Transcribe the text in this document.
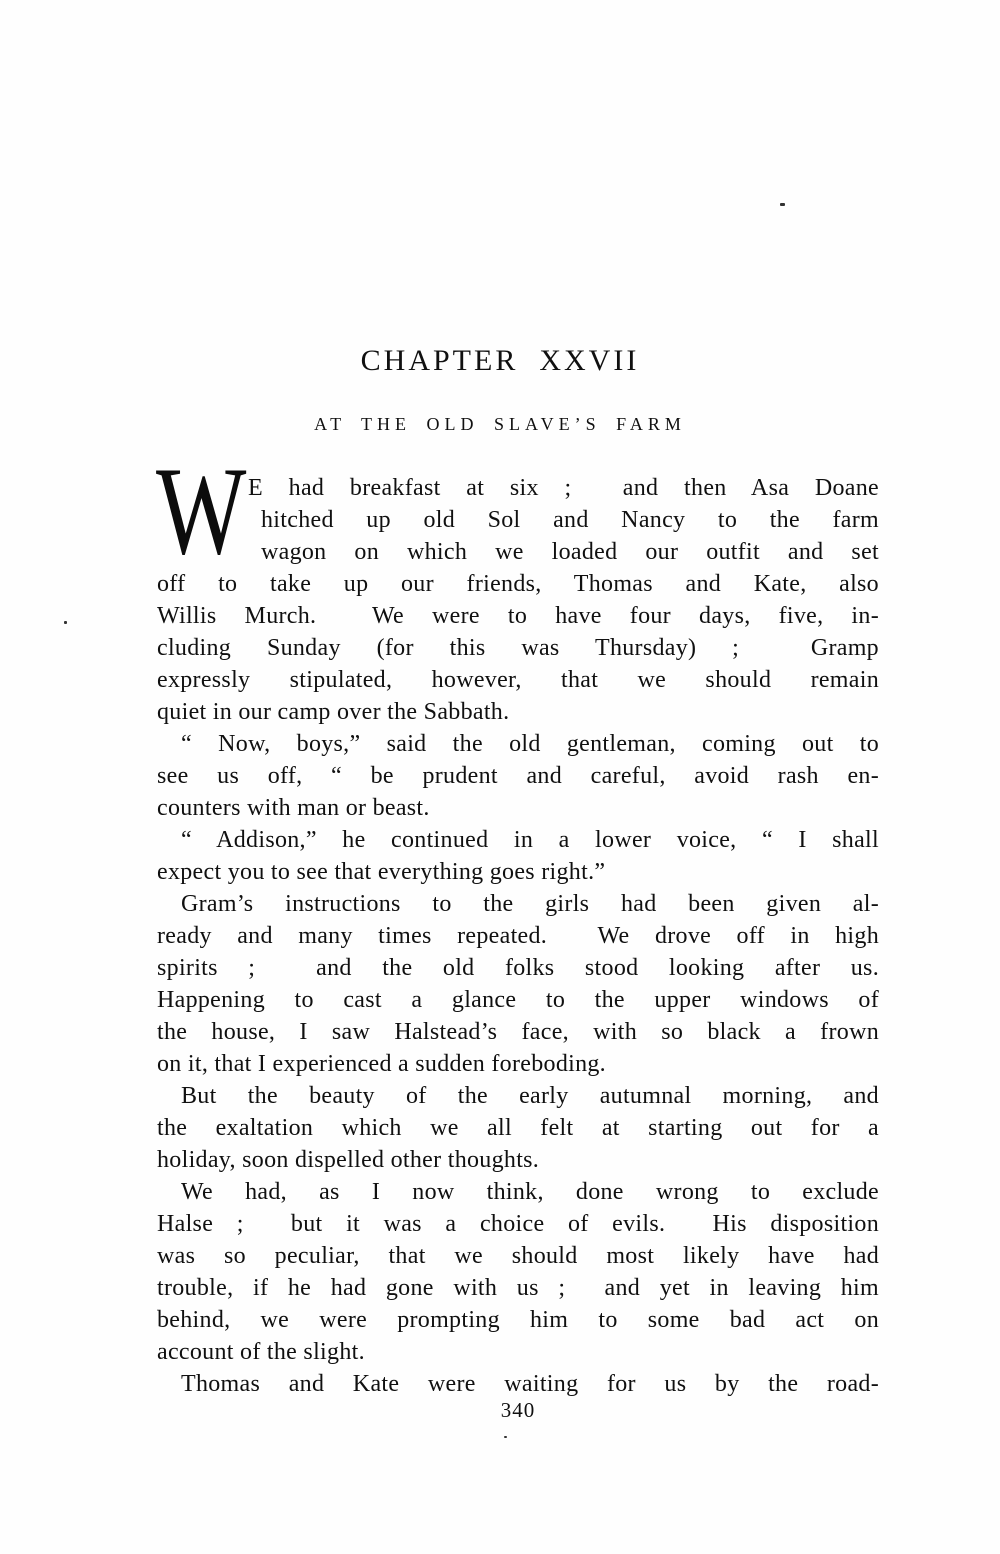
CHAPTER  XXVII
AT THE OLD SLAVE’S FARM
W E had breakfast at six ;  and then Asa Doane
hitched up old Sol and Nancy to the farm
wagon on which we loaded our outfit and set
off to take up our friends, Thomas and Kate, also
Willis Murch.  We were to have four days, five, in-
cluding Sunday (for this was Thursday) ;  Gramp
expressly stipulated, however, that we should remain
quiet in our camp over the Sabbath.
“ Now, boys,” said the old gentleman, coming out to
see us off, “ be prudent and careful, avoid rash en-
counters with man or beast.
“ Addison,” he continued in a lower voice, “ I shall
expect you to see that everything goes right.”
Gram’s instructions to the girls had been given al-
ready and many times repeated.  We drove off in high
spirits ;  and the old folks stood looking after us.
Happening to cast a glance to the upper windows of
the house, I saw Halstead’s face, with so black a frown
on it, that I experienced a sudden foreboding.
But the beauty of the early autumnal morning, and
the exaltation which we all felt at starting out for a
holiday, soon dispelled other thoughts.
We had, as I now think, done wrong to exclude
Halse ;  but it was a choice of evils.  His disposition
was so peculiar, that we should most likely have had
trouble, if he had gone with us ;  and yet in leaving him
behind, we were prompting him to some bad act on
account of the slight.
Thomas and Kate were waiting for us by the road-
340
